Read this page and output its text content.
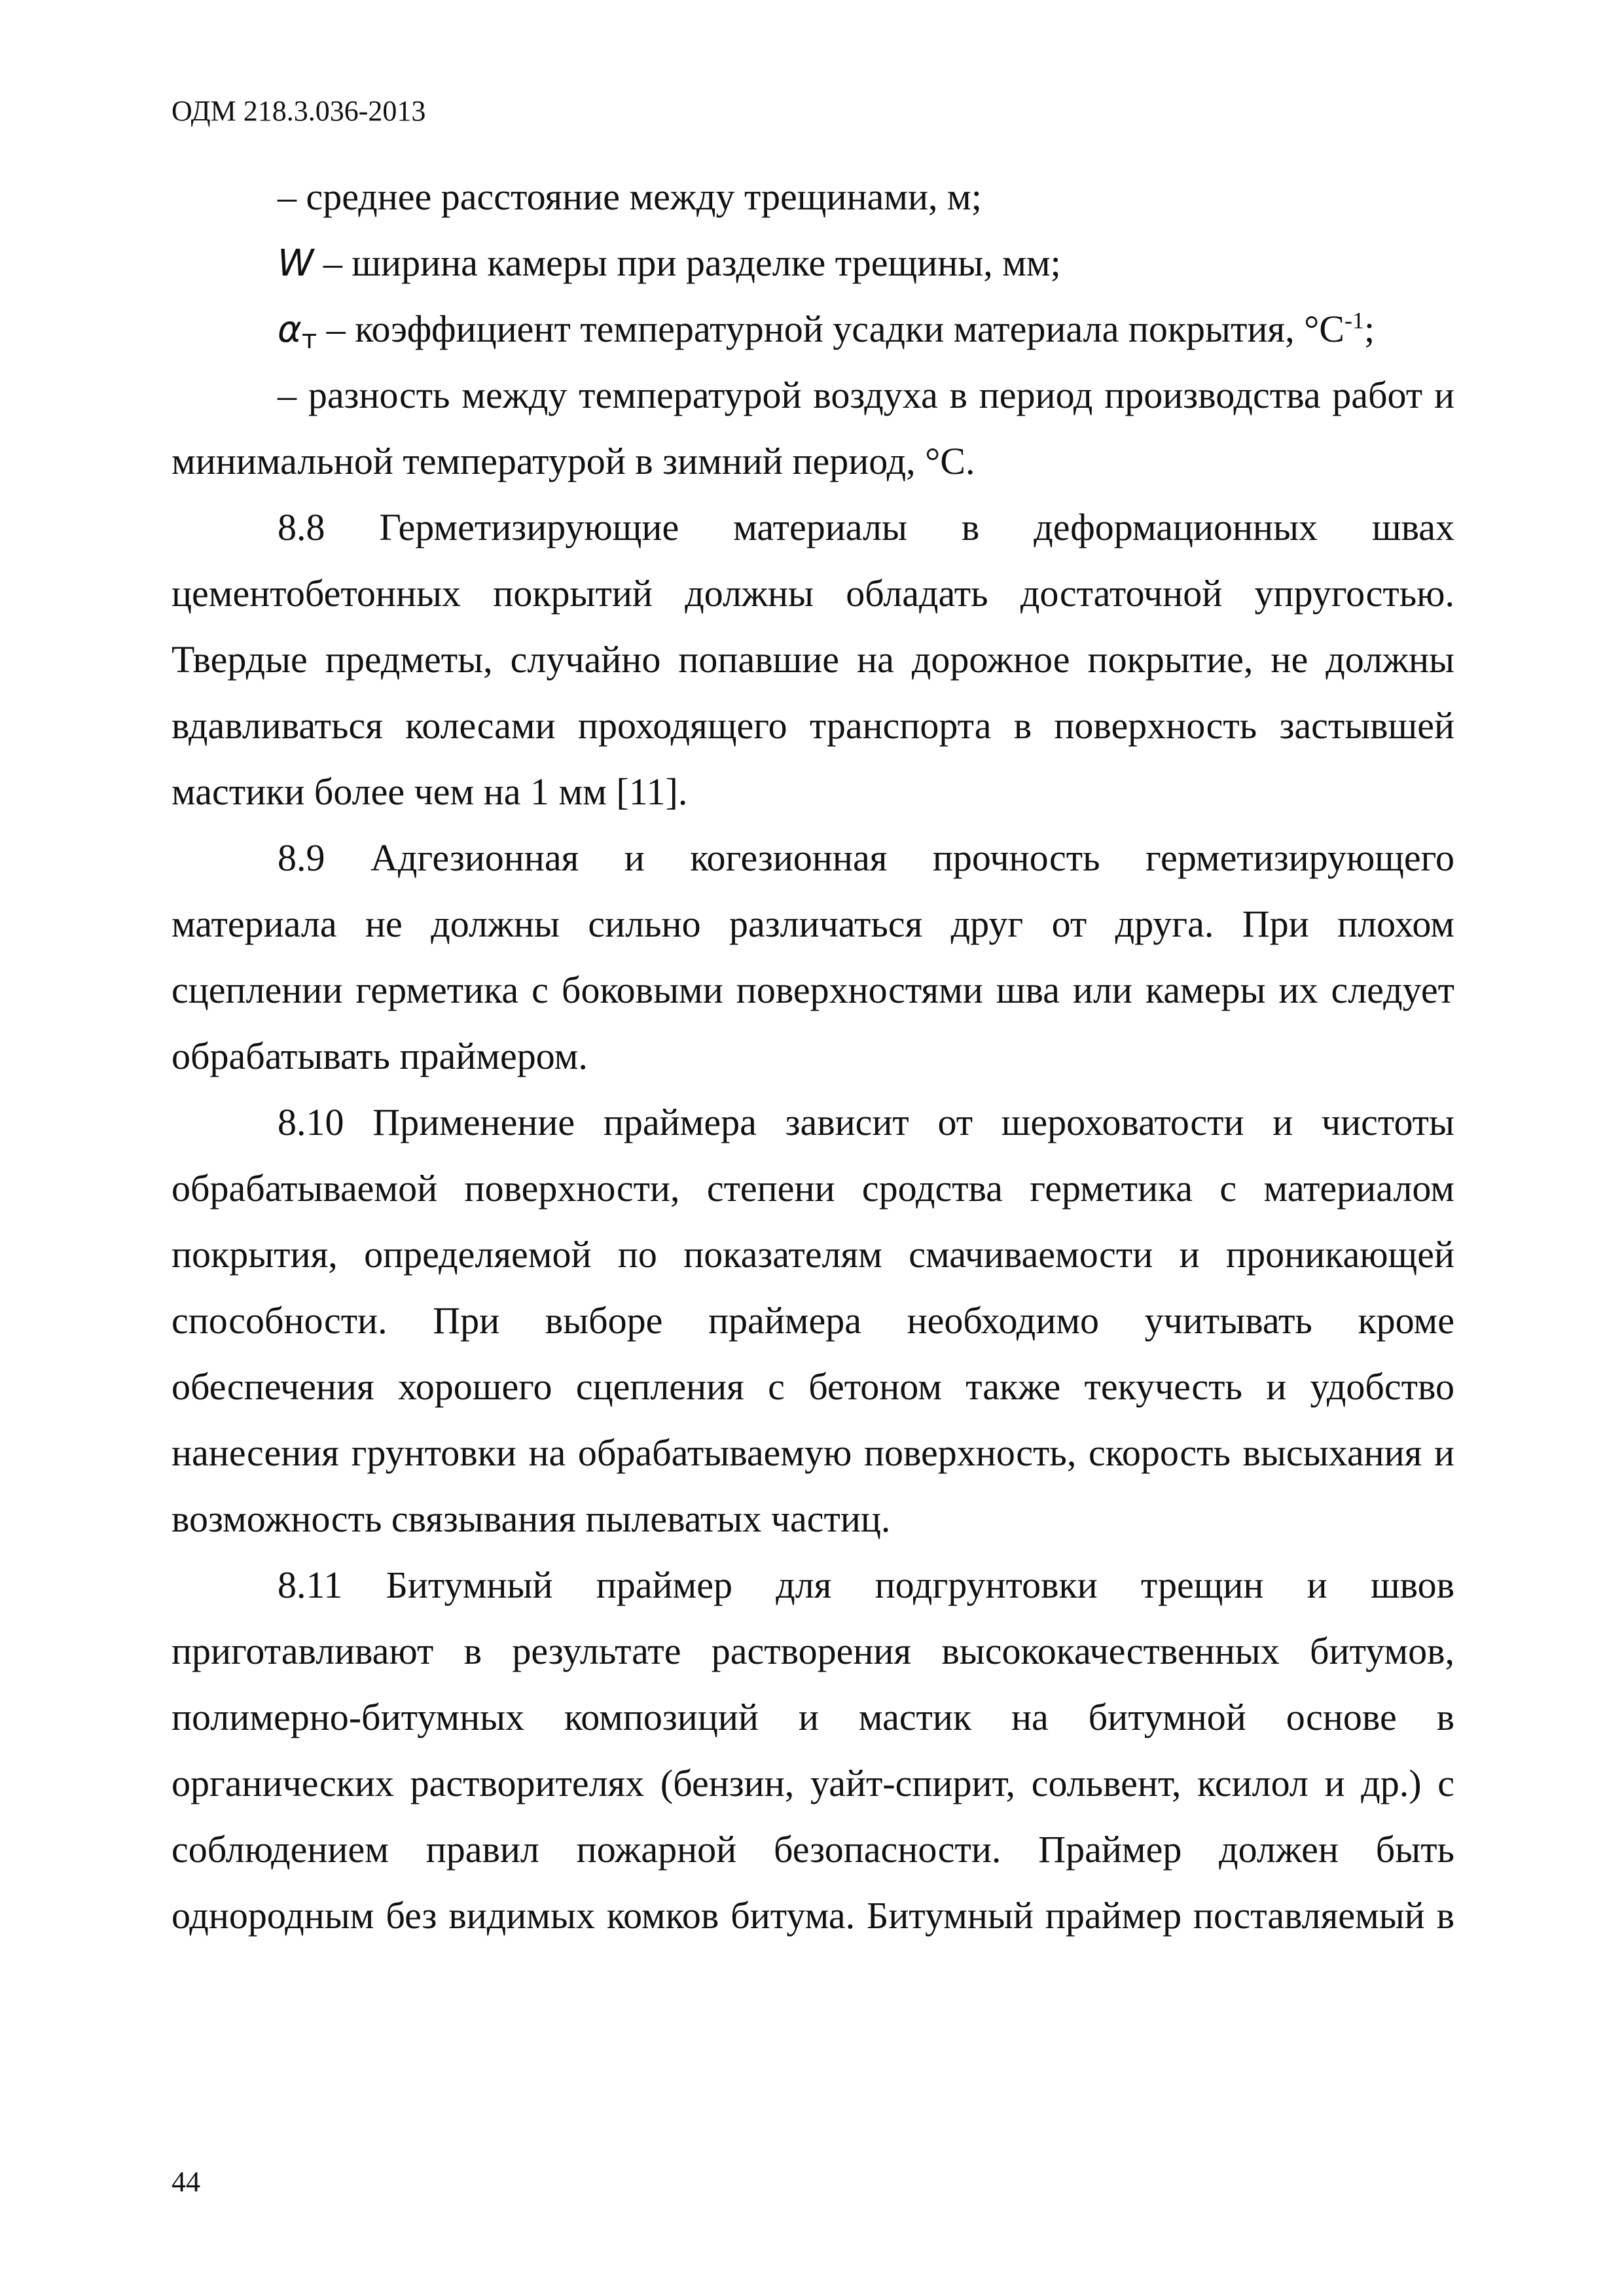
ОДМ 218.3.036-2013
– среднее расстояние между трещинами, м;
W – ширина камеры при разделке трещины, мм;
αт – коэффициент температурной усадки материала покрытия, $^\circ C^{-1}$;
– разность между температурой воздуха в период производства работ и
минимальной температурой в зимний период, °C.
8.8 Герметизирующие материалы в деформационных швах
цементобетонных покрытий должны обладать достаточной упругостью.
Твердые предметы, случайно попавшие на дорожное покрытие, не должны
вдавливаться колесами проходящего транспорта в поверхность застывшей
мастики более чем на 1 мм [11].
8.9 Адгезионная и когезионная прочность герметизирующего
материала не должны сильно различаться друг от друга. При плохом
сцеплении герметика с боковыми поверхностями шва или камеры их следует
обрабатывать праймером.
8.10 Применение праймера зависит от шероховатости и чистоты
обрабатываемой поверхности, степени сродства герметика с материалом
покрытия, определяемой по показателям смачиваемости и проникающей
способности. При выборе праймера необходимо учитывать кроме
обеспечения хорошего сцепления с бетоном также текучесть и удобство
нанесения грунтовки на обрабатываемую поверхность, скорость высыхания и
возможность связывания пылеватых частиц.
8.11 Битумный праймер для подгрунтовки трещин и швов
приготавливают в результате растворения высококачественных битумов,
полимерно-битумных композиций и мастик на битумной основе в
органических растворителях (бензин, уайт-спирит, сольвент, ксилол и др.) с
соблюдением правил пожарной безопасности. Праймер должен быть
однородным без видимых комков битума. Битумный праймер поставляемый в
44
